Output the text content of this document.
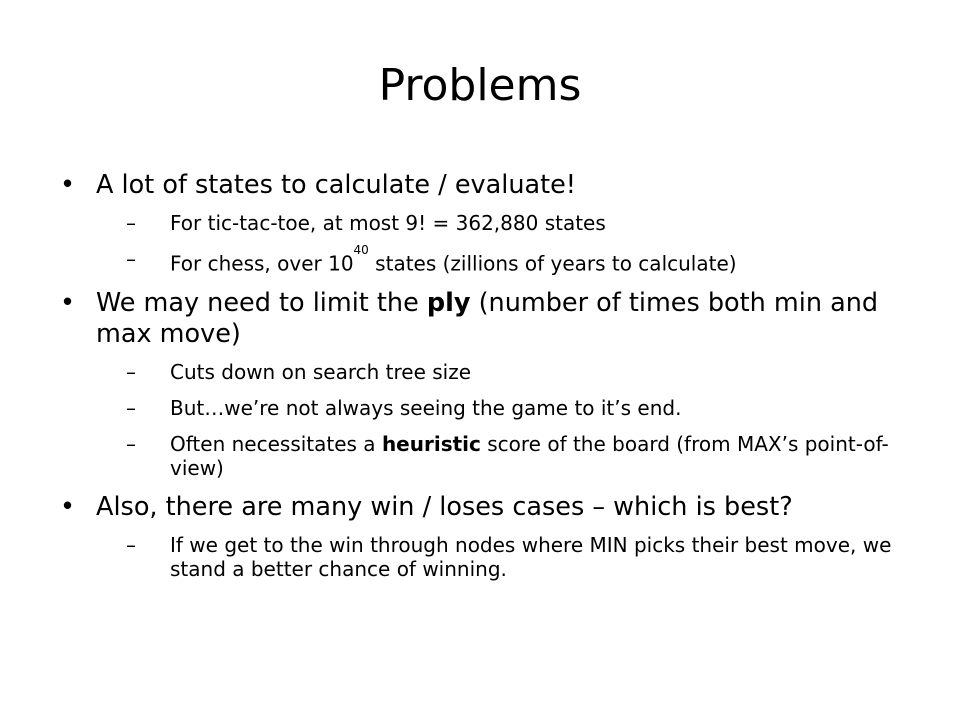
Problems
• A lot of states to calculate / evaluate!
–	For tic-tac-toe, at most 9! = 362,880 states
–	For chess, over $10^{40}$ states (zillions of years to calculate)
• We may need to limit the ply (number of times both min and max move)
–	Cuts down on search tree size
–	But…we’re not always seeing the game to it’s end.
–	Often necessitates a heuristic score of the board (from MAX’s point-of-view)
• Also, there are many win / loses cases – which is best?
–	If we get to the win through nodes where MIN picks their best move, we stand a better chance of winning.
